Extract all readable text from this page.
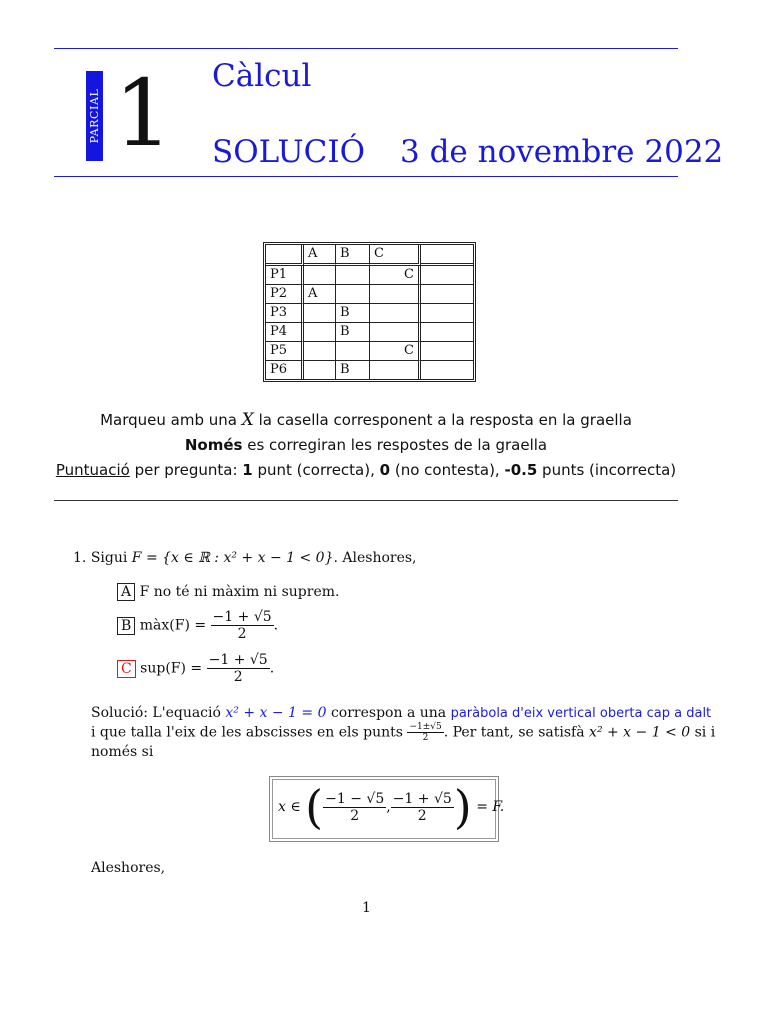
PARCIAL 1 Càlcul
SOLUCIÓ 3 de novembre 2022
	A	B	C	
P1			C	
P2	A			
P3		B		
P4		B		
P5			C	
P6		B		
Marqueu amb una X la casella corresponent a la resposta en la graella
Només es corregiran les respostes de la graella
Puntuació per pregunta: 1 punt (correcta), 0 (no contesta), -0.5 punts (incorrecta)
1. Sigui F = {x ∈ ℝ : x² + x − 1 < 0}. Aleshores,
A F no té ni màxim ni suprem.
B màx(F) = $\frac{-1 + √5}{2}$ .
C $sup(F) = \frac{-1 + √5}{2}$ .
Solució: L'equació x² + x − 1 = 0 correspon a una paràbola d'eix vertical oberta cap a dalt
i que talla l'eix de les abscisses en els punts $\frac{-1\pm√5}{2}$ . Per tant, se satisfà x² + x − 1 < 0 si i
només si
x ∈ ( $\frac{-1 - √5}{2}$ , $\frac{-1 + √5}{2}$ ) = F.
Aleshores,
1
